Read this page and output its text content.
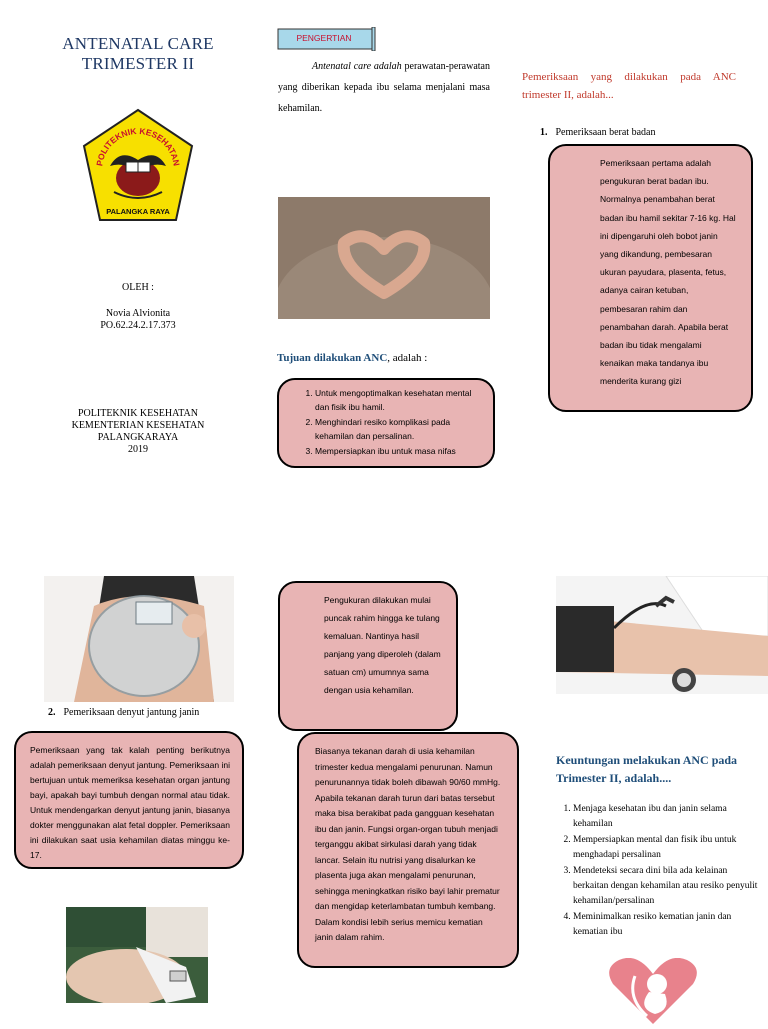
ANTENATAL CARE
TRIMESTER II
POLITEKNIK KESEHATAN
PALANGKA RAYA
OLEH :
Novia Alvionita
PO.62.24.2.17.373
POLITEKNIK KESEHATAN
KEMENTERIAN KESEHATAN
PALANGKARAYA
2019
2. Pemeriksaan denyut jantung janin
Pemeriksaan yang tak kalah penting berikutnya adalah pemeriksaan denyut jantung. Pemeriksaan ini bertujuan untuk memeriksa kesehatan organ jantung bayi, apakah bayi tumbuh dengan normal atau tidak. Untuk mendengarkan denyut jantung janin, biasanya dokter menggunakan alat fetal doppler. Pemeriksaan ini dilakukan saat usia kehamilan diatas minggu ke-17.
PENGERTIAN
Antenatal care adalah perawatan-perawatan yang diberikan kepada ibu selama menjalani masa kehamilan.
Tujuan dilakukan ANC, adalah :
1. Untuk mengoptimalkan kesehatan mental dan fisik ibu hamil.
2. Menghindari resiko komplikasi pada kehamilan dan persalinan.
3. Mempersiapkan ibu untuk masa nifas
Pengukuran dilakukan mulai puncak rahim hingga ke tulang kemaluan. Nantinya hasil panjang yang diperoleh (dalam satuan cm) umumnya sama dengan usia kehamilan.
Biasanya tekanan darah di usia kehamilan trimester kedua mengalami penurunan. Namun penurunannya tidak boleh dibawah 90/60 mmHg. Apabila tekanan darah turun dari batas tersebut maka bisa berakibat pada gangguan kesehatan ibu dan janin. Fungsi organ-organ tubuh menjadi terganggu akibat sirkulasi darah yang tidak lancar. Selain itu nutrisi yang disalurkan ke plasenta juga akan mengalami penurunan, sehingga meningkatkan risiko bayi lahir prematur dan mengidap keterlambatan tumbuh kembang. Dalam kondisi lebih serius memicu kematian janin dalam rahim.
Pemeriksaan yang dilakukan pada ANC trimester II, adalah...
1. Pemeriksaan berat badan
Pemeriksaan pertama adalah pengukuran berat badan ibu. Normalnya penambahan berat badan ibu hamil sekitar 7-16 kg. Hal ini dipengaruhi oleh bobot janin yang dikandung, pembesaran ukuran payudara, plasenta, fetus, adanya cairan ketuban, pembesaran rahim dan penambahan darah. Apabila berat badan ibu tidak mengalami kenaikan maka tandanya ibu menderita kurang gizi
Keuntungan melakukan ANC pada Trimester II, adalah....
1. Menjaga kesehatan ibu dan janin selama kehamilan
2. Mempersiapkan mental dan fisik ibu untuk menghadapi persalinan
3. Mendeteksi secara dini bila ada kelainan berkaitan dengan kehamilan atau resiko penyulit kehamilan/persalinan
4. Meminimalkan resiko kematian janin dan kematian ibu
